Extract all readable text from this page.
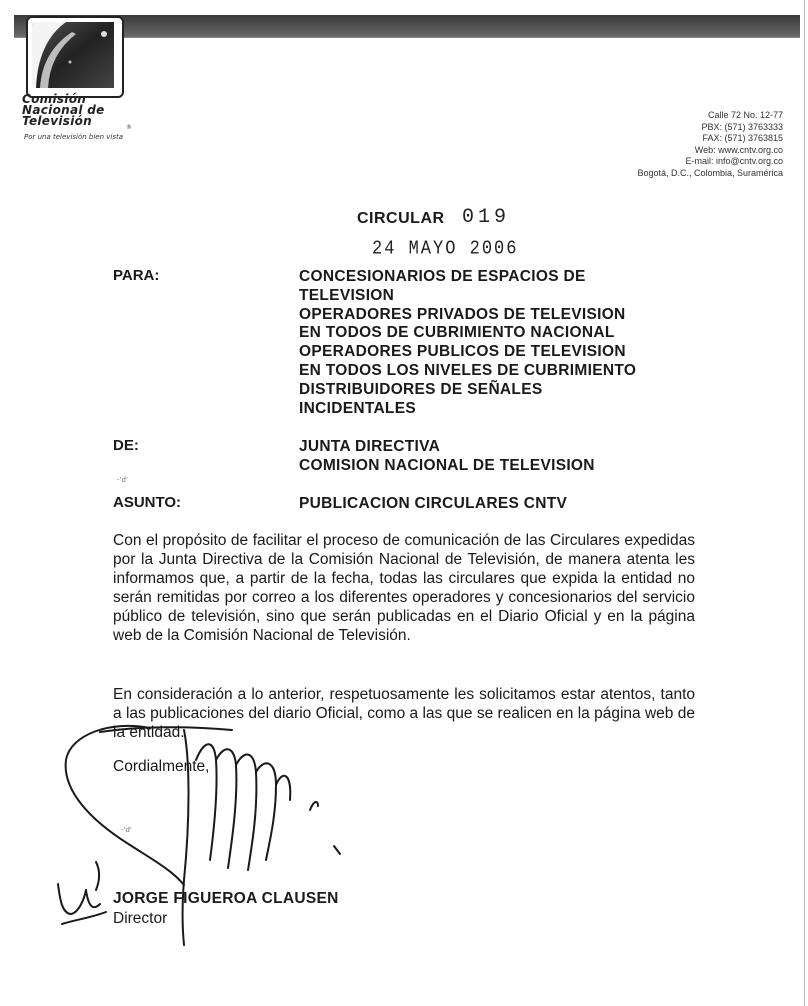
Comisión
Nacional de
Televisión
Por una televisión bien vista
®
Calle 72 No. 12-77
PBX: (571) 3763333
FAX: (571) 3763815
Web: www.cntv.org.co
E-mail: info@cntv.org.co
Bogotá, D.C., Colombia, Suramérica
CIRCULAR 019
24 MAYO 2006
PARA:	CONCESIONARIOS DE ESPACIOS DE
TELEVISION
OPERADORES PRIVADOS DE TELEVISION
EN TODOS DE CUBRIMIENTO NACIONAL
OPERADORES PUBLICOS DE TELEVISION
EN TODOS LOS NIVELES DE CUBRIMIENTO
DISTRIBUIDORES DE SEÑALES
INCIDENTALES
DE:	JUNTA DIRECTIVA
COMISION NACIONAL DE TELEVISION
-'d'
ASUNTO:	PUBLICACION CIRCULARES CNTV
Con el propósito de facilitar el proceso de comunicación de las Circulares expedidas por la Junta Directiva de la Comisión Nacional de Televisión, de manera atenta les informamos que, a partir de la fecha, todas las circulares que expida la entidad no serán remitidas por correo a los diferentes operadores y concesionarios del servicio público de televisión, sino que serán publicadas en el Diario Oficial y en la página web de la Comisión Nacional de Televisión.
En consideración a lo anterior, respetuosamente les solicitamos estar atentos, tanto a las publicaciones del diario Oficial, como a las que se realicen en la página web de la entidad.
Cordialmente,
-'d'
JORGE FIGUEROA CLAUSEN
Director
